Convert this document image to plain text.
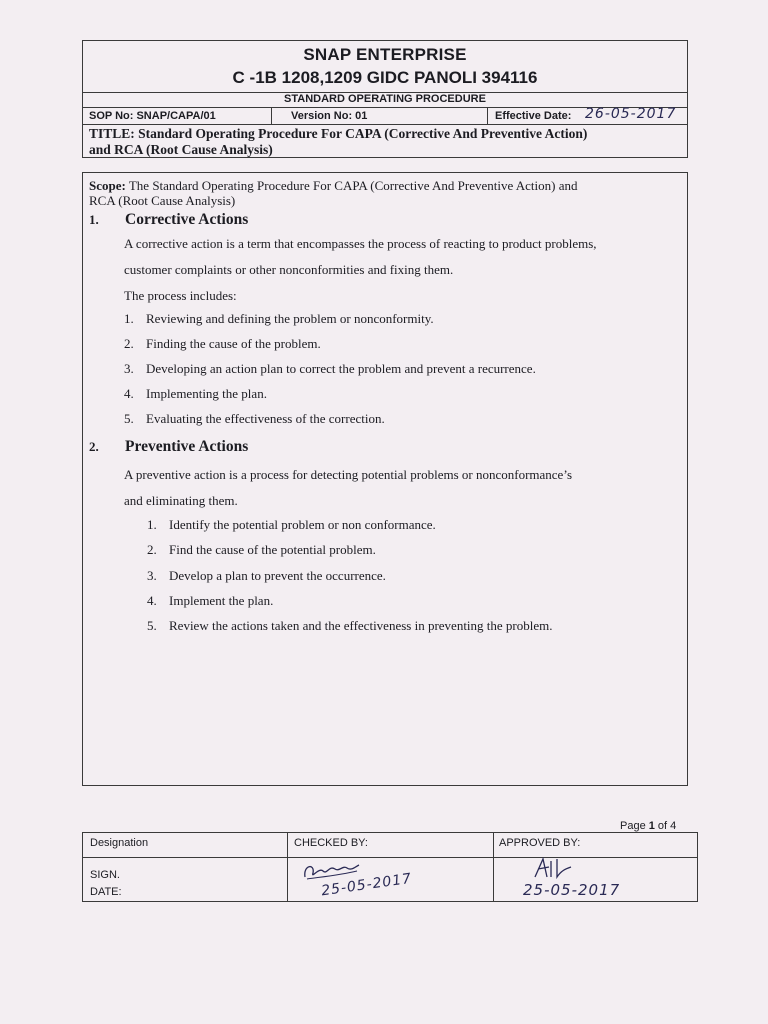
SNAP ENTERPRISE
C -1B 1208,1209 GIDC PANOLI 394116
STANDARD OPERATING PROCEDURE
SOP No: SNAP/CAPA/01	Version No: 01	Effective Date: 26-05-2017
TITLE: Standard Operating Procedure For CAPA (Corrective And Preventive Action)
and RCA (Root Cause Analysis)
Scope: The Standard Operating Procedure For CAPA (Corrective And Preventive Action) and
RCA (Root Cause Analysis)
1. Corrective Actions
A corrective action is a term that encompasses the process of reacting to product problems,
customer complaints or other nonconformities and fixing them.
The process includes:
1. Reviewing and defining the problem or nonconformity.
2. Finding the cause of the problem.
3. Developing an action plan to correct the problem and prevent a recurrence.
4. Implementing the plan.
5. Evaluating the effectiveness of the correction.
2. Preventive Actions
A preventive action is a process for detecting potential problems or nonconformance’s
and eliminating them.
1. Identify the potential problem or non conformance.
2. Find the cause of the potential problem.
3. Develop a plan to prevent the occurrence.
4. Implement the plan.
5. Review the actions taken and the effectiveness in preventing the problem.
Page 1 of 4
Designation	CHECKED BY:	APPROVED BY:
SIGN.
DATE:	25-05-2017	25-05-2017
